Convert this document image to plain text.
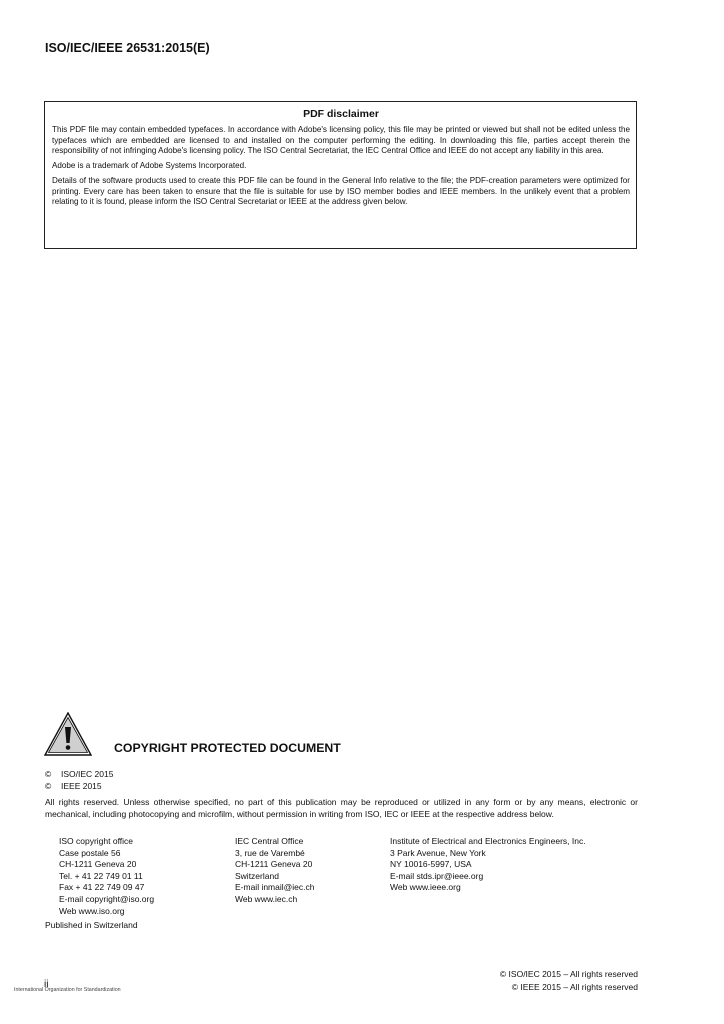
ISO/IEC/IEEE 26531:2015(E)
PDF disclaimer

This PDF file may contain embedded typefaces. In accordance with Adobe's licensing policy, this file may be printed or viewed but shall not be edited unless the typefaces which are embedded are licensed to and installed on the computer performing the editing. In downloading this file, parties accept therein the responsibility of not infringing Adobe's licensing policy. The ISO Central Secretariat, the IEC Central Office and IEEE do not accept any liability in this area.

Adobe is a trademark of Adobe Systems Incorporated.

Details of the software products used to create this PDF file can be found in the General Info relative to the file; the PDF-creation parameters were optimized for printing. Every care has been taken to ensure that the file is suitable for use by ISO member bodies and IEEE members. In the unlikely event that a problem relating to it is found, please inform the ISO Central Secretariat or IEEE at the address given below.

COPYRIGHT PROTECTED DOCUMENT
© ISO/IEC 2015
© IEEE 2015
All rights reserved. Unless otherwise specified, no part of this publication may be reproduced or utilized in any form or by any means, electronic or mechanical, including photocopying and microfilm, without permission in writing from ISO, IEC or IEEE at the respective address below.
ISO copyright office
Case postale 56
CH-1211 Geneva 20
Tel. + 41 22 749 01 11
Fax + 41 22 749 09 47
E-mail copyright@iso.org
Web www.iso.org
IEC Central Office
3, rue de Varembé
CH-1211 Geneva 20
Switzerland
E-mail inmail@iec.ch
Web www.iec.ch
Institute of Electrical and Electronics Engineers, Inc.
3 Park Avenue, New York
NY 10016-5997, USA
E-mail stds.ipr@ieee.org
Web www.ieee.org
Published in Switzerland
© ISO/IEC 2015 – All rights reserved
© IEEE 2015 – All rights reserved
ii
International Organization for Standardization
